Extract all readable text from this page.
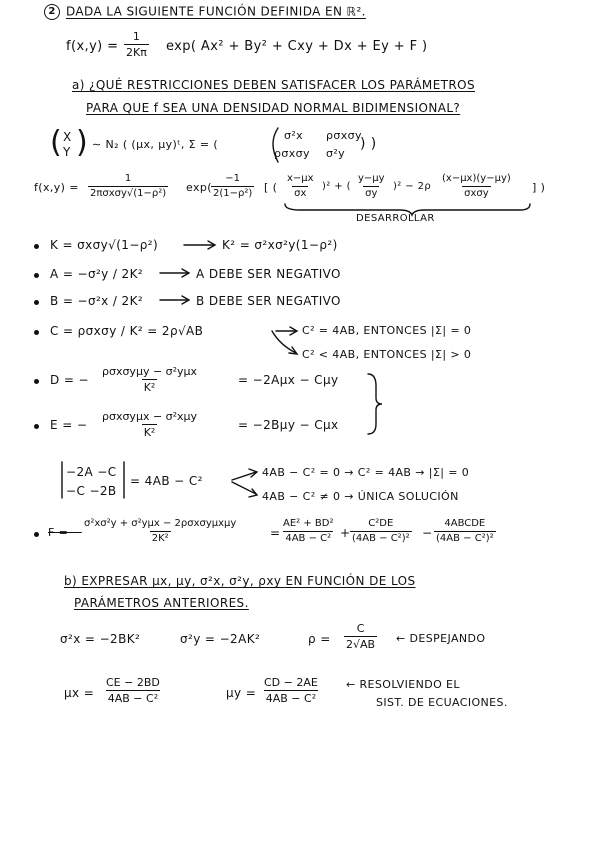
2 DADA LA SIGUIENTE FUNCIÓN DEFINIDA EN ℝ².
$f(x,y) = \frac{1}{2K\pi} \exp$( Ax² + By² + Cxy + Dx + Ey + F )
a) ¿QUÉ RESTRICCIONES DEBEN SATISFACER LOS PARÁMETROS
PARA QUE f SEA UNA DENSIDAD NORMAL BIDIMENSIONAL?
( X
Y ) ∼ N₂ ( (μx, μy)ᵗ, Σ = (
σ²x ρσxσy
ρσxσy σ²y
) )
f(x,y) =
1
2πσxσy√(1−ρ²) $\exp( \frac{-1}{\text{2(1−ρ²)}}$ [ ( $\frac{x-\mu x}{\sigma x} )^2$ + ( $\frac{y-\mu y}{\sigma y} )^2 - 2\rho$
(x−μx)(y−μy)
σxσy	] )
DESARROLLAR
K = σxσy√(1−ρ²)	K² = σ²xσ²y(1−ρ²)
A = −σ²y / 2K²	A DEBE SER NEGATIVO
B = −σ²x / 2K²	B DEBE SER NEGATIVO
C = ρσxσy / K² = 2ρ√AB	C² = 4AB, ENTONCES |Σ| = 0
C² < 4AB, ENTONCES |Σ| > 0
D = −
ρσxσyμy − σ²yμx
K²
= −2Aμx − Cμy
E = −
ρσxσyμx − σ²xμy
K²
= −2Bμy − Cμx
−2A −C
−C −2B
= 4AB − C²
4AB − C² = 0 → C² = 4AB → |Σ| = 0
4AB − C² ≠ 0 → ÚNICA SOLUCIÓN
F = −
σ²xσ²y + σ²yμx − 2ρσxσyμxμy
2K²	= $\frac{\text{AE² + BD²}}{\text{4AB − C²}} + \frac{\text{C²DE}}{\text{(4AB − C²)²}}$ −
4ABCDE
(4AB − C²)²
b) EXPRESAR μx, μy, σ²x, σ²y, ρxy EN FUNCIÓN DE LOS
PARÁMETROS ANTERIORES.
σ²x = −2BK²	σ²y = −2AK²	$\rho = \frac{C}{2√AB}$ ← DESPEJANDO
$\mu x = \frac{CE - 2BD}{\text{4AB − C²}}$	$\mu y = \frac{CD - 2AE}{\text{4AB − C²}}$ ← RESOLVIENDO EL
SIST. DE ECUACIONES.
